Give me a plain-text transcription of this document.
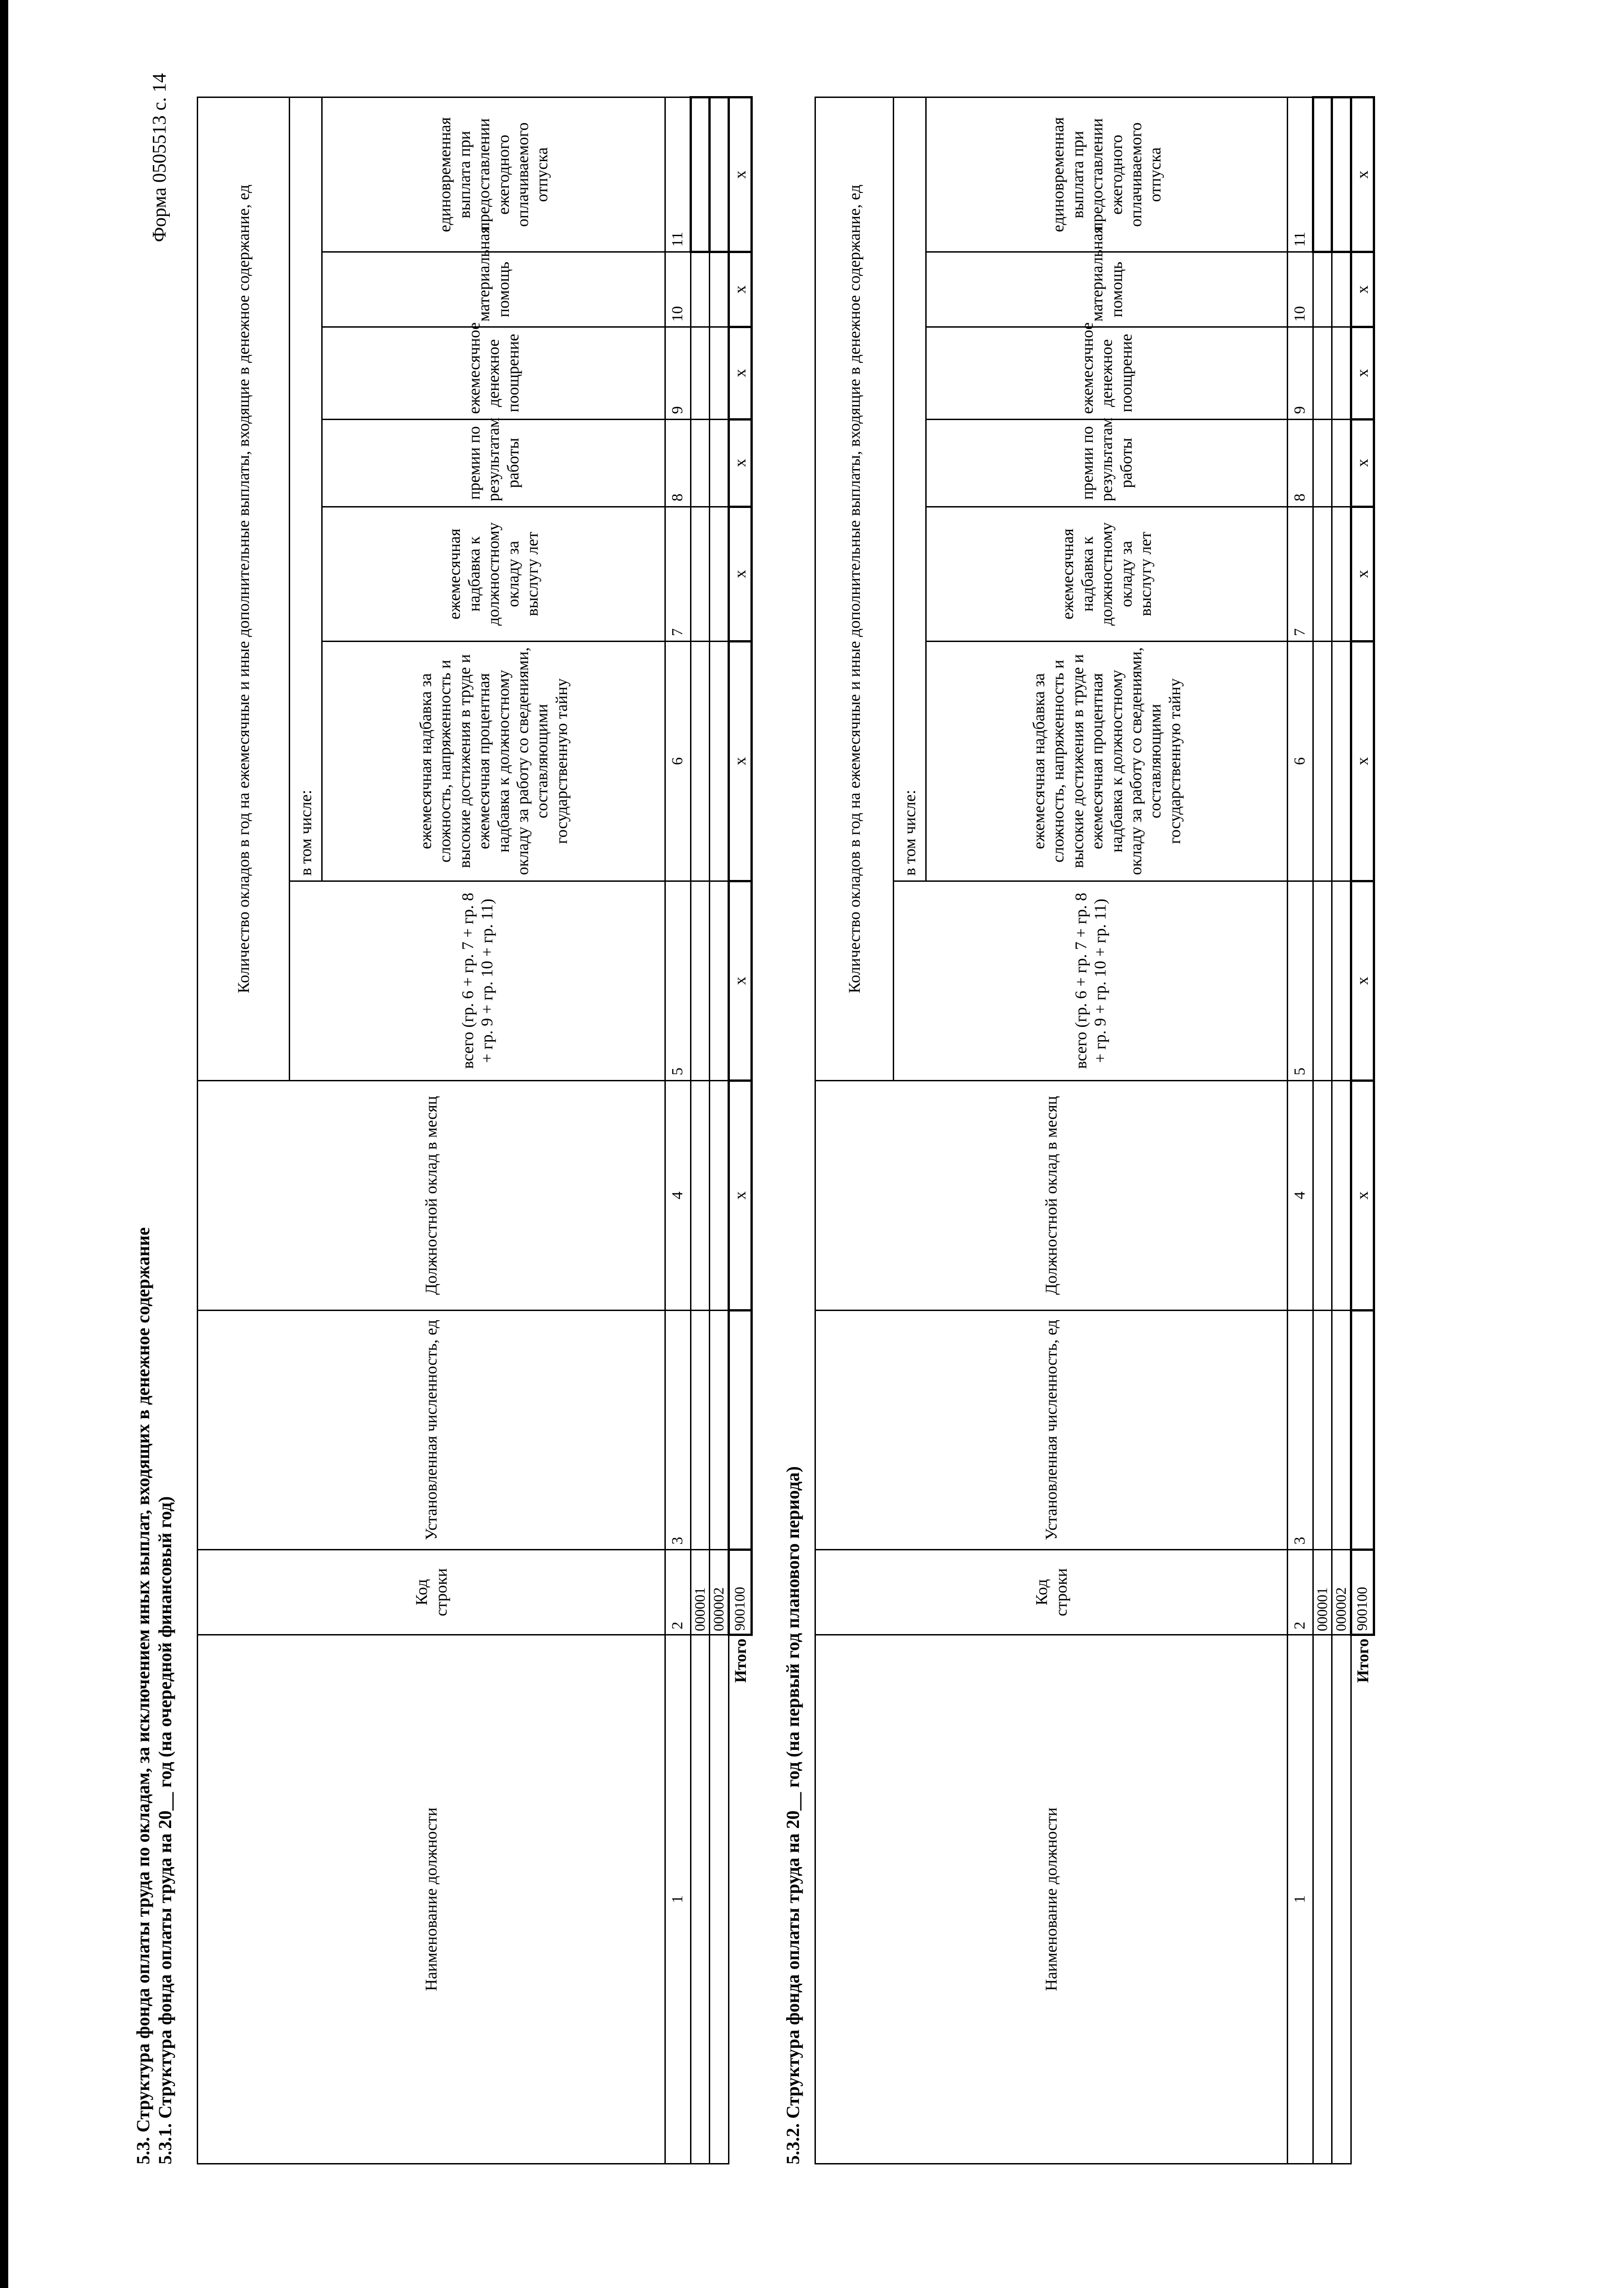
Форма 0505513 с. 14
5.3. Структура фонда оплаты труда по окладам, за исключением иных выплат, входящих в денежное содержание 5.3.1. Структура фонда оплаты труда на 20__ год (на очередной финансовый год)	Наименование должности	Код строки	Установленная численность, ед	Должностной оклад в месяц	Количество окладов в год на ежемесячные и иные дополнительные выплаты, входящие в денежное содержание, ед						
				всего (гр. 6 + гр. 7 + гр. 8 + гр. 9 + гр. 10 + гр. 11)	в том числе:					
					ежемесячная надбавка за сложность, напряженность и высокие достижения в труде и ежемесячная процентная надбавка к должностному окладу за работу со сведениями, составляющими государственную тайну	ежемесячная надбавка к должностному окладу за выслугу лет	премии по результатам работы	ежемесячное денежное поощрение	материальная помощь	единовременная выплата при предоставлении ежегодного оплачиваемого отпуска
1	2	3	4	5	6	7	8	9	10	11
	000001									
	000002									
Итого	900100		х	х	х	х	х	х	х	х
5.3.2. Структура фонда оплаты труда на 20__ год (на первый год планового периода)	Наименование должности	Код строки	Установленная численность, ед	Должностной оклад в месяц	Количество окладов в год на ежемесячные и иные дополнительные выплаты, входящие в денежное содержание, ед						
				всего (гр. 6 + гр. 7 + гр. 8 + гр. 9 + гр. 10 + гр. 11)	в том числе:					
					ежемесячная надбавка за сложность, напряженность и высокие достижения в труде и ежемесячная процентная надбавка к должностному окладу за работу со сведениями, составляющими государственную тайну	ежемесячная надбавка к должностному окладу за выслугу лет	премии по результатам работы	ежемесячное денежное поощрение	материальная помощь	единовременная выплата при предоставлении ежегодного оплачиваемого отпуска
1	2	3	4	5	6	7	8	9	10	11
	000001									
	000002									
Итого	900100		х	х	х	х	х	х	х	х
